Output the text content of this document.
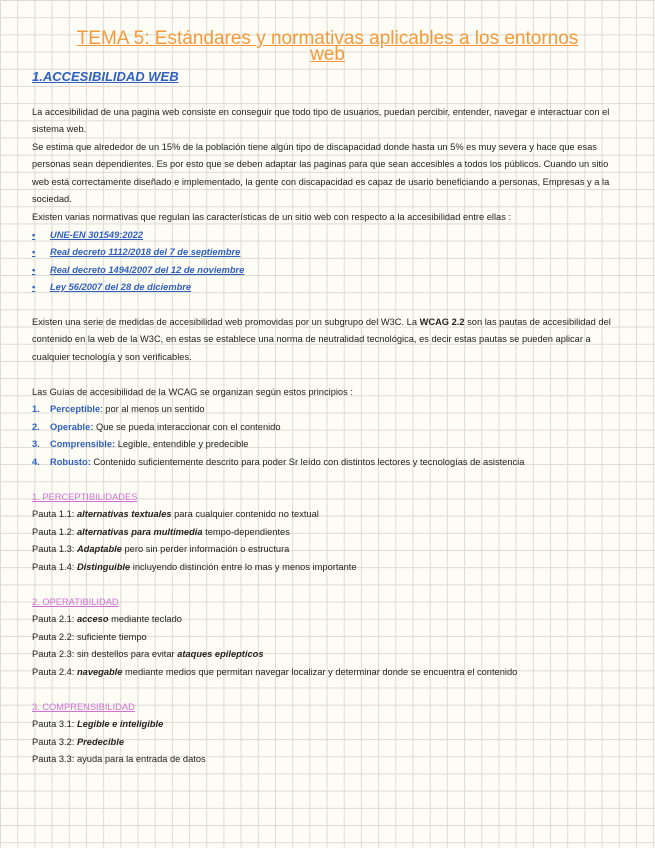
TEMA 5: Estándares y normativas aplicables a los entornos
web
1.ACCESIBILIDAD WEB

La accesibilidad de una pagina web consiste en conseguir que todo tipo de usuarios, puedan percibir, entender, navegar e interactuar con el sistema web.

Se estima que alrededor de un 15% de la población tiene algún tipo de discapacidad donde hasta un 5% es muy severa y hace que esas personas sean dependientes. Es por esto que se deben adaptar las paginas para que sean accesibles a todos los públicos. Cuando un sitio web está correctamente diseñado e implementado, la gente con discapacidad es capaz de usario beneficiando a personas, Empresas y a la sociedad.

Existen varias normativas que regulan las características de un sitio web con respecto a la accesibilidad entre ellas :

• UNE-EN 301549:2022
• Real decreto 1112/2018 del 7 de septiembre
• Real decreto 1494/2007 del 12 de noviembre
• Ley 56/2007 del 28 de diciembre

Existen una serie de medidas de accesibilidad web promovidas por un subgrupo del W3C. La WCAG 2.2 son las pautas de accesibilidad del contenido en la web de la W3C, en estas se establece una norma de neutralidad tecnológica, es decir estas pautas se pueden aplicar a cualquier tecnología y son verificables.

Las Guías de accesibilidad de la WCAG se organizan según estos principios :

1. Perceptible: por al menos un sentido
2. Operable: Que se pueda interaccionar con el contenido
3. Comprensible: Legible, entendible y predecible
4. Robusto: Contenido suficientemente descrito para poder Sr leído con distintos lectores y tecnologías de asistencia
1. PERCEPTIBILIDADES
Pauta 1.1: alternativas textuales para cualquier contenido no textual
Pauta 1.2: alternativas para multimedia tempo-dependientes
Pauta 1.3: Adaptable pero sin perder información o estructura
Pauta 1.4: Distinguible incluyendo distinción entre lo mas y menos importante
2. OPERATIBILIDAD
Pauta 2.1: acceso mediante teclado
Pauta 2.2: suficiente tiempo
Pauta 2.3: sin destellos para evitar ataques epilepticos
Pauta 2.4: navegable mediante medios que permitan navegar localizar y determinar donde se encuentra el contenido
3. COMPRENSIBILIDAD
Pauta 3.1: Legible e inteligible
Pauta 3.2: Predecible
Pauta 3.3: ayuda para la entrada de datos
